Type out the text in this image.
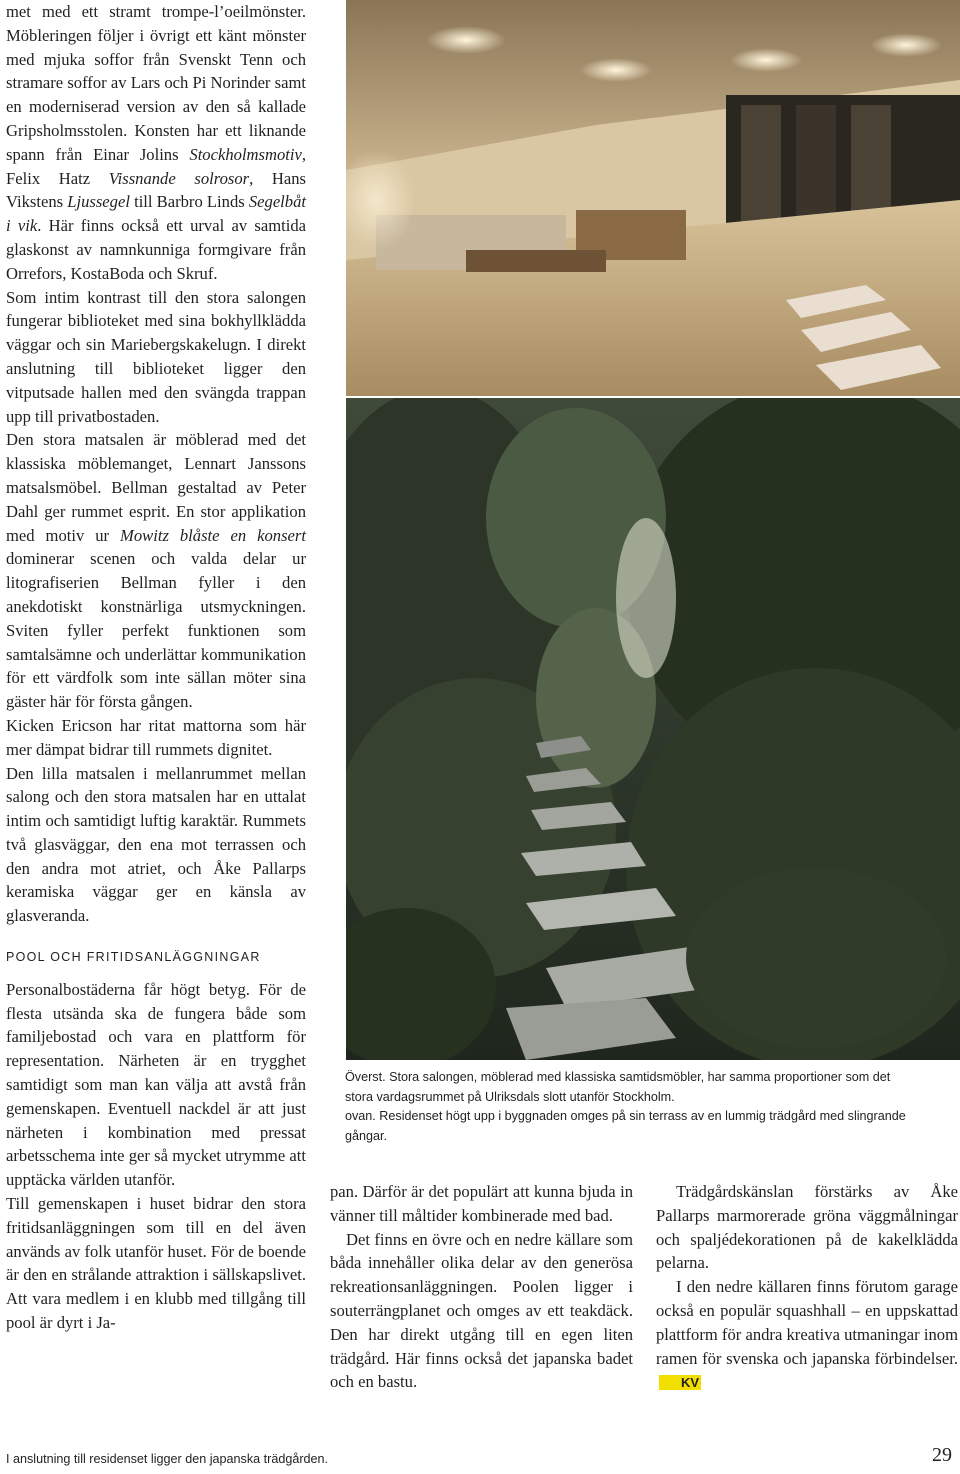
met med ett stramt trompe-l’oeilmönster. Möbleringen följer i övrigt ett känt mönster med mjuka soffor från Svenskt Tenn och stramare soffor av Lars och Pi Norinder samt en moderniserad version av den så kallade Gripsholmsstolen. Konsten har ett liknande spann från Einar Jolins Stockholmsmotiv, Felix Hatz Vissnande solrosor, Hans Vikstens Ljussegel till Barbro Linds Segelbåt i vik. Här finns också ett urval av samtida glaskonst av namnkunniga formgivare från Orrefors, KostaBoda och Skruf.

Som intim kontrast till den stora salongen fungerar biblioteket med sina bokhyllklädda väggar och sin Mariebergskakelugn. I direkt anslutning till biblioteket ligger den vitputsade hallen med den svängda trappan upp till privatbostaden.

Den stora matsalen är möblerad med det klassiska möblemanget, Lennart Janssons matsalsmöbel. Bellman gestaltad av Peter Dahl ger rummet esprit. En stor applikation med motiv ur Mowitz blåste en konsert dominerar scenen och valda delar ur litografiserien Bellman fyller i den anekdotiskt konstnärliga utsmyckningen. Sviten fyller perfekt funktionen som samtalsämne och underlättar kommunikation för ett värdfolk som inte sällan möter sina gäster här för första gången.

Kicken Ericson har ritat mattorna som här mer dämpat bidrar till rummets dignitet.

Den lilla matsalen i mellanrummet mellan salong och den stora matsalen har en uttalat intim och samtidigt luftig karaktär. Rummets två glasväggar, den ena mot terrassen och den andra mot atriet, och Åke Pallarps keramiska väggar ger en känsla av glasveranda.

POOL OCH FRITIDSANLÄGGNINGAR

Personalbostäderna får högt betyg. För de flesta utsända ska de fungera både som familjebostad och vara en plattform för representation. Närheten är en trygghet samtidigt som man kan välja att avstå från gemenskapen. Eventuell nackdel är att just närheten i kombination med pressat arbetsschema inte ger så mycket utrymme att upptäcka världen utanför.

Till gemenskapen i huset bidrar den stora fritidsanläggningen som till en del även används av folk utanför huset. För de boende är den en strålande attraktion i sällskapslivet. Att vara medlem i en klubb med tillgång till pool är dyrt i Ja-

Överst. Stora salongen, möblerad med klassiska samtidsmöbler, har samma proportioner som det stora vardagsrummet på Ulriksdals slott utanför Stockholm.

ovan. Residenset högt upp i byggnaden omges på sin terrass av en lummig trädgård med slingrande gångar.

pan. Därför är det populärt att kunna bjuda in vänner till måltider kombinerade med bad.

Det finns en övre och en nedre källare som båda innehåller olika delar av den generösa rekreationsanläggningen. Poolen ligger i souterrängplanet och omges av ett teakdäck. Den har direkt utgång till en egen liten trädgård. Här finns också det japanska badet och en bastu.

Trädgårdskänslan förstärks av Åke Pallarps marmorerade gröna väggmålningar och spaljédekorationen på de kakelklädda pelarna.

I den nedre källaren finns förutom garage också en populär squashhall – en uppskattad plattform för andra kreativa utmaningar inom ramen för svenska och japanska förbindelser.KV

I anslutning till residenset ligger den japanska trädgården.	29
